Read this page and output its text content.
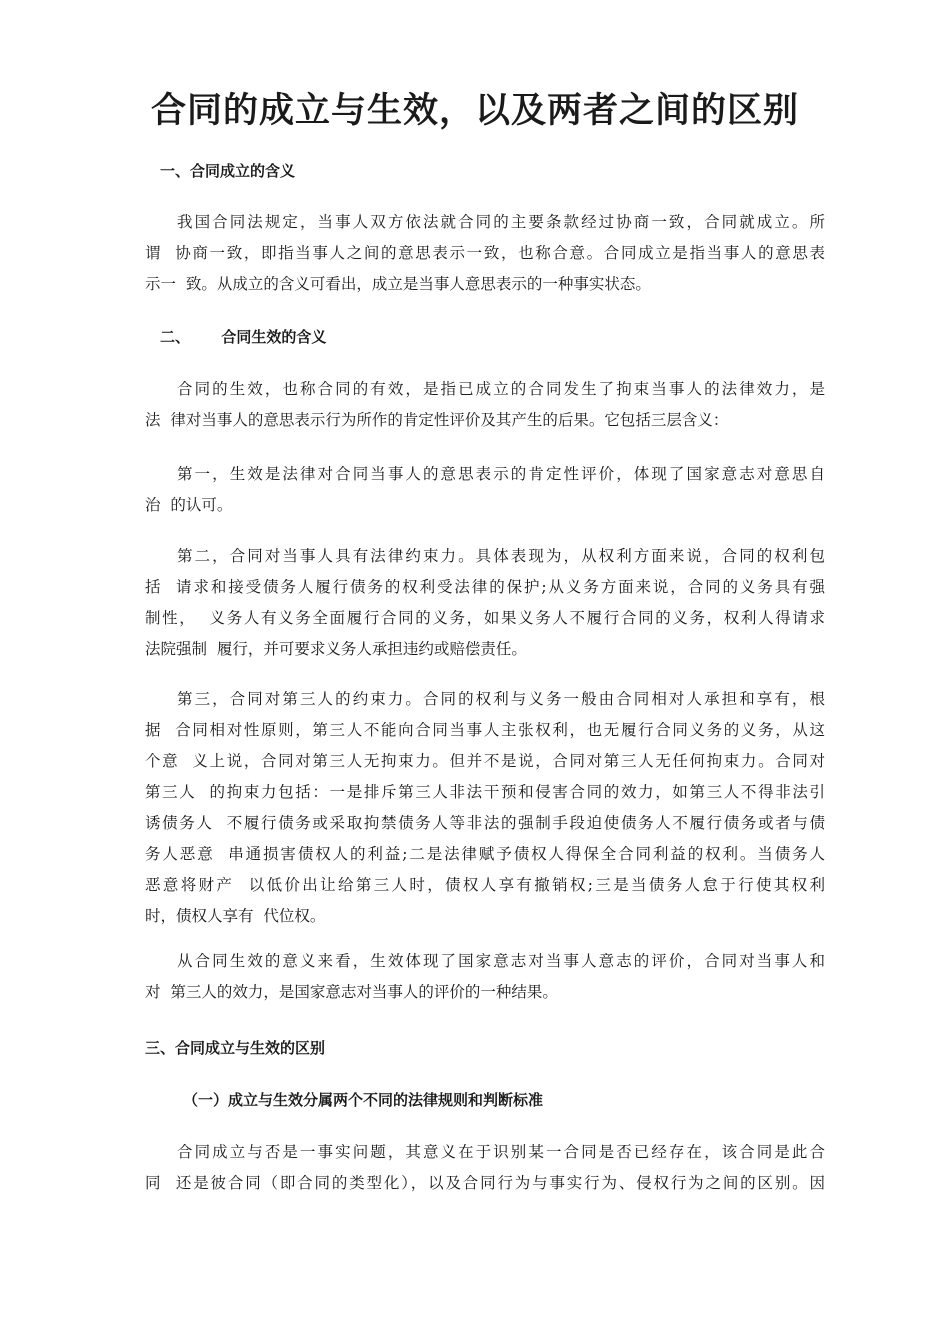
合同的成立与生效，以及两者之间的区别
一、合同成立的含义
我国合同法规定，当事人双方依法就合同的主要条款经过协商一致，合同就成立。所
谓  协商一致，即指当事人之间的意思表示一致，也称合意。合同成立是指当事人的意思表
示一  致。从成立的含义可看出，成立是当事人意思表示的一种事实状态。
二、      合同生效的含义
合同的生效，也称合同的有效，是指已成立的合同发生了拘束当事人的法律效力，是
法  律对当事人的意思表示行为所作的肯定性评价及其产生的后果。它包括三层含义：
第一，生效是法律对合同当事人的意思表示的肯定性评价，体现了国家意志对意思自
治  的认可。
第二，合同对当事人具有法律约束力。具体表现为，从权利方面来说，合同的权利包
括  请求和接受债务人履行债务的权利受法律的保护;从义务方面来说，合同的义务具有强
制性，  义务人有义务全面履行合同的义务，如果义务人不履行合同的义务，权利人得请求
法院强制  履行，并可要求义务人承担违约或赔偿责任。
第三，合同对第三人的约束力。合同的权利与义务一般由合同相对人承担和享有，根
据  合同相对性原则，第三人不能向合同当事人主张权利，也无履行合同义务的义务，从这
个意  义上说，合同对第三人无拘束力。但并不是说，合同对第三人无任何拘束力。合同对
第三人  的拘束力包括：一是排斥第三人非法干预和侵害合同的效力，如第三人不得非法引
诱债务人  不履行债务或采取拘禁债务人等非法的强制手段迫使债务人不履行债务或者与债
务人恶意  串通损害债权人的利益;二是法律赋予债权人得保全合同利益的权利。当债务人
恶意将财产  以低价出让给第三人时，债权人享有撤销权;三是当债务人怠于行使其权利
时，债权人享有  代位权。
从合同生效的意义来看，生效体现了国家意志对当事人意志的评价，合同对当事人和
对  第三人的效力，是国家意志对当事人的评价的一种结果。
三、合同成立与生效的区别
（一）成立与生效分属两个不同的法律规则和判断标准
合同成立与否是一事实问题，其意义在于识别某一合同是否已经存在，该合同是此合
同  还是彼合同（即合同的类型化），以及合同行为与事实行为、侵权行为之间的区别。因
